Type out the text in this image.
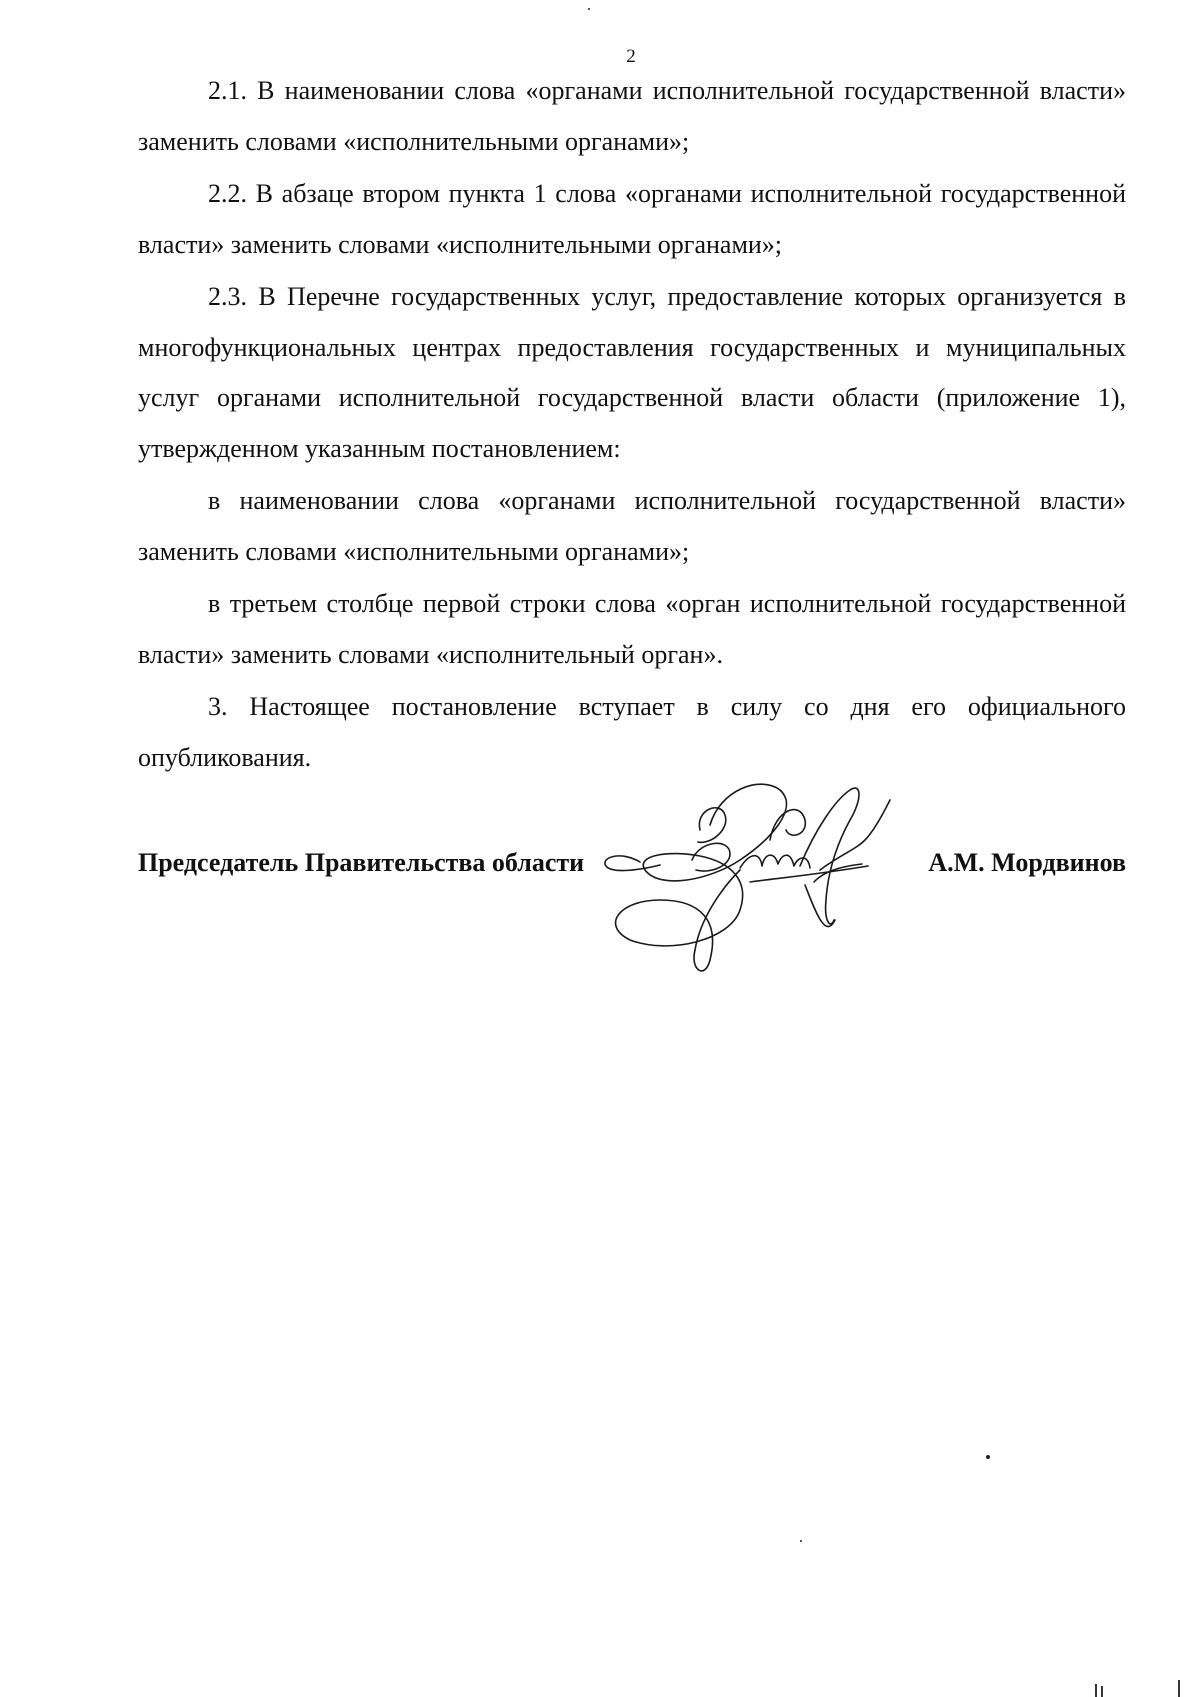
2

2.1. В наименовании слова «органами исполнительной государственной власти» заменить словами «исполнительными органами»;

2.2. В абзаце втором пункта 1 слова «органами исполнительной государственной власти» заменить словами «исполнительными органами»;

2.3. В Перечне государственных услуг, предоставление которых организуется в многофункциональных центрах предоставления государственных и муниципальных услуг органами исполнительной государственной власти области (приложение 1), утвержденном указанным постановлением:

в наименовании слова «органами исполнительной государственной власти» заменить словами «исполнительными органами»;

в третьем столбце первой строки слова «орган исполнительной государственной власти» заменить словами «исполнительный орган».

3. Настоящее постановление вступает в силу со дня его официального опубликования.

Председатель Правительства области	А.М. Мордвинов
